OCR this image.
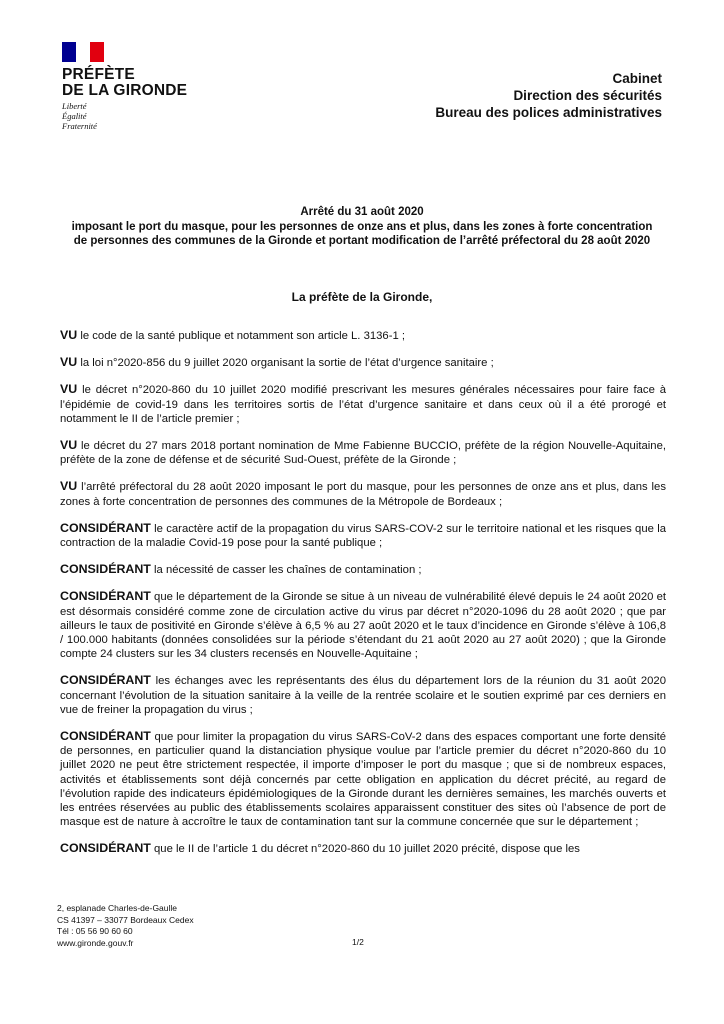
PRÉFÈTE
DE LA GIRONDE
Liberté
Égalité
Fraternité
Cabinet
Direction des sécurités
Bureau des polices administratives
Arrêté du 31 août 2020
imposant le port du masque, pour les personnes de onze ans et plus, dans les zones à forte concentration de personnes des communes de la Gironde et portant modification de l’arrêté préfectoral du 28 août 2020
La préfète de la Gironde,

VU le code de la santé publique et notamment son article L. 3136-1 ;

VU la loi n°2020-856 du 9 juillet 2020 organisant la sortie de l’état d’urgence sanitaire ;

VU le décret n°2020-860 du 10 juillet 2020 modifié prescrivant les mesures générales nécessaires pour faire face à l’épidémie de covid-19 dans les territoires sortis de l’état d’urgence sanitaire et dans ceux où il a été prorogé et notamment le II de l’article premier ;

VU le décret du 27 mars 2018 portant nomination de Mme Fabienne BUCCIO, préfète de la région Nouvelle-Aquitaine, préfète de la zone de défense et de sécurité Sud-Ouest, préfète de la Gironde ;

VU l’arrêté préfectoral du 28 août 2020 imposant le port du masque, pour les personnes de onze ans et plus, dans les zones à forte concentration de personnes des communes de la Métropole de Bordeaux ;

CONSIDÉRANT le caractère actif de la propagation du virus SARS-COV-2 sur le territoire national et les risques que la contraction de la maladie Covid-19 pose pour la santé publique ;

CONSIDÉRANT la nécessité de casser les chaînes de contamination ;

CONSIDÉRANT que le département de la Gironde se situe à un niveau de vulnérabilité élevé depuis le 24 août 2020 et est désormais considéré comme zone de circulation active du virus par décret n°2020-1096 du 28 août 2020 ; que par ailleurs le taux de positivité en Gironde s’élève à 6,5 % au 27 août 2020 et le taux d’incidence en Gironde s’élève à 106,8 / 100.000 habitants (données consolidées sur la période s’étendant du 21 août 2020 au 27 août 2020) ; que la Gironde compte 24 clusters sur les 34 clusters recensés en Nouvelle-Aquitaine ;

CONSIDÉRANT les échanges avec les représentants des élus du département lors de la réunion du 31 août 2020 concernant l’évolution de la situation sanitaire à la veille de la rentrée scolaire et le soutien exprimé par ces derniers en vue de freiner la propagation du virus ;

CONSIDÉRANT que pour limiter la propagation du virus SARS-CoV-2 dans des espaces comportant une forte densité de personnes, en particulier quand la distanciation physique voulue par l’article premier du décret n°2020-860 du 10 juillet 2020 ne peut être strictement respectée, il importe d’imposer le port du masque ; que si de nombreux espaces, activités et établissements sont déjà concernés par cette obligation en application du décret précité, au regard de l’évolution rapide des indicateurs épidémiologiques de la Gironde durant les dernières semaines, les marchés ouverts et les entrées réservées au public des établissements scolaires apparaissent constituer des sites où l’absence de port de masque est de nature à accroître le taux de contamination tant sur la commune concernée que sur le département ;

CONSIDÉRANT que le II de l’article 1 du décret n°2020-860 du 10 juillet 2020 précité, dispose que les

2, esplanade Charles-de-Gaulle
CS 41397 – 33077 Bordeaux Cedex
Tél : 05 56 90 60 60
www.gironde.gouv.fr	1/2
